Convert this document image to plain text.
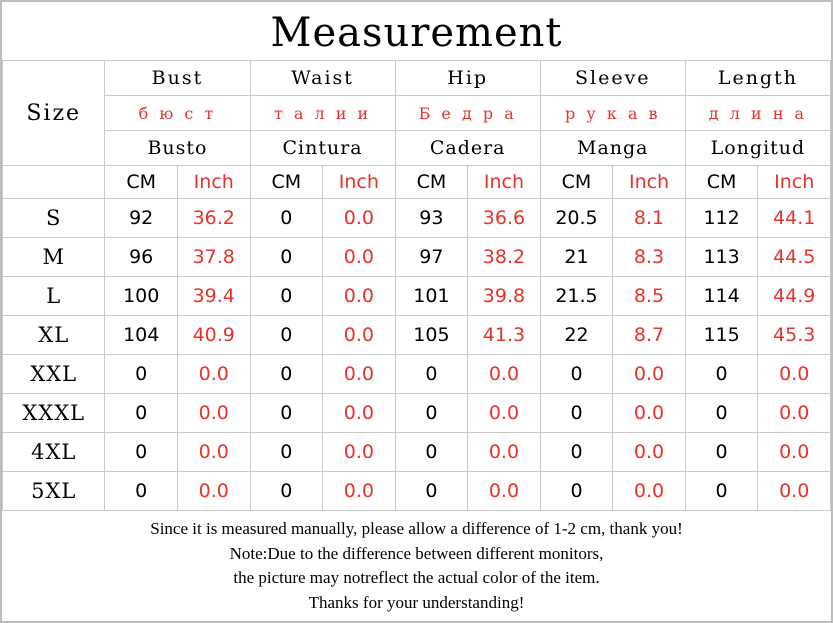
Measurement
Size	Bust		Waist		Hip		Sleeve		Length	
	б ю с т		т а л и и		Б е д р а		р у к а в		д л и н а	
	Busto		Cintura		Cadera		Manga		Longitud	
	CM	Inch	CM	Inch	CM	Inch	CM	Inch	CM	Inch
S	92	36.2	0	0.0	93	36.6	20.5	8.1	112	44.1
M	96	37.8	0	0.0	97	38.2	21	8.3	113	44.5
L	100	39.4	0	0.0	101	39.8	21.5	8.5	114	44.9
XL	104	40.9	0	0.0	105	41.3	22	8.7	115	45.3
XXL	0	0.0	0	0.0	0	0.0	0	0.0	0	0.0
XXXL	0	0.0	0	0.0	0	0.0	0	0.0	0	0.0
4XL	0	0.0	0	0.0	0	0.0	0	0.0	0	0.0
5XL	0	0.0	0	0.0	0	0.0	0	0.0	0	0.0
Since it is measured manually, please allow a difference of 1-2 cm, thank you!
Note:Due to the difference between different monitors,
the picture may notreflect the actual color of the item.
Thanks for your understanding!
